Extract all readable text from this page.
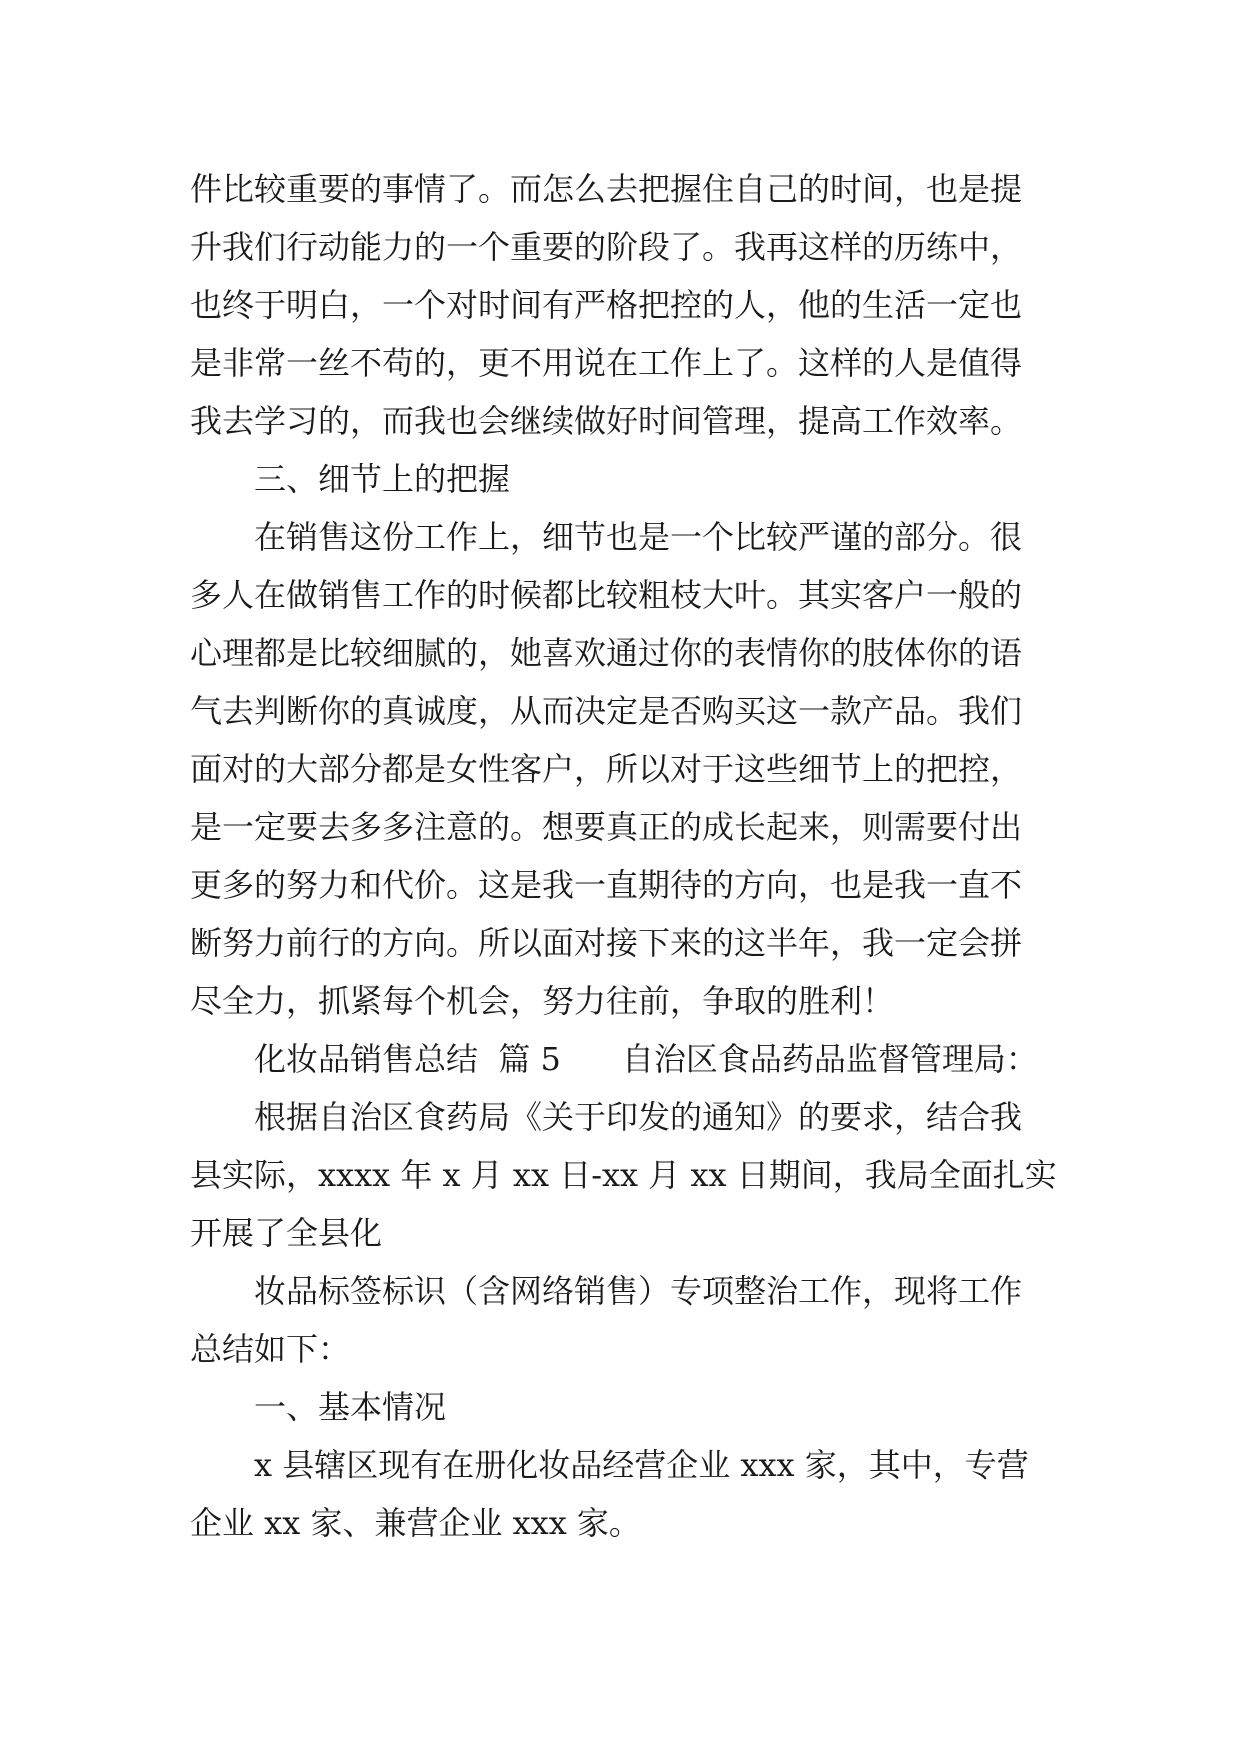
件比较重要的事情了。而怎么去把握住自己的时间，也是提
升我们行动能力的一个重要的阶段了。我再这样的历练中，
也终于明白，一个对时间有严格把控的人，他的生活一定也
是非常一丝不苟的，更不用说在工作上了。这样的人是值得
我去学习的，而我也会继续做好时间管理，提高工作效率。
三、细节上的把握
在销售这份工作上，细节也是一个比较严谨的部分。很
多人在做销售工作的时候都比较粗枝大叶。其实客户一般的
心理都是比较细腻的，她喜欢通过你的表情你的肢体你的语
气去判断你的真诚度，从而决定是否购买这一款产品。我们
面对的大部分都是女性客户，所以对于这些细节上的把控，
是一定要去多多注意的。想要真正的成长起来，则需要付出
更多的努力和代价。这是我一直期待的方向，也是我一直不
断努力前行的方向。所以面对接下来的这半年，我一定会拼
尽全力，抓紧每个机会，努力往前，争取的胜利！
化妆品销售总结  篇 5      自治区食品药品监督管理局：
根据自治区食药局《关于印发的通知》的要求，结合我
县实际，xxxx 年 x 月 xx 日-xx 月 xx 日期间，我局全面扎实
开展了全县化
妆品标签标识（含网络销售）专项整治工作，现将工作
总结如下：
一、基本情况
x 县辖区现有在册化妆品经营企业 xxx 家，其中，专营
企业 xx 家、兼营企业 xxx 家。
